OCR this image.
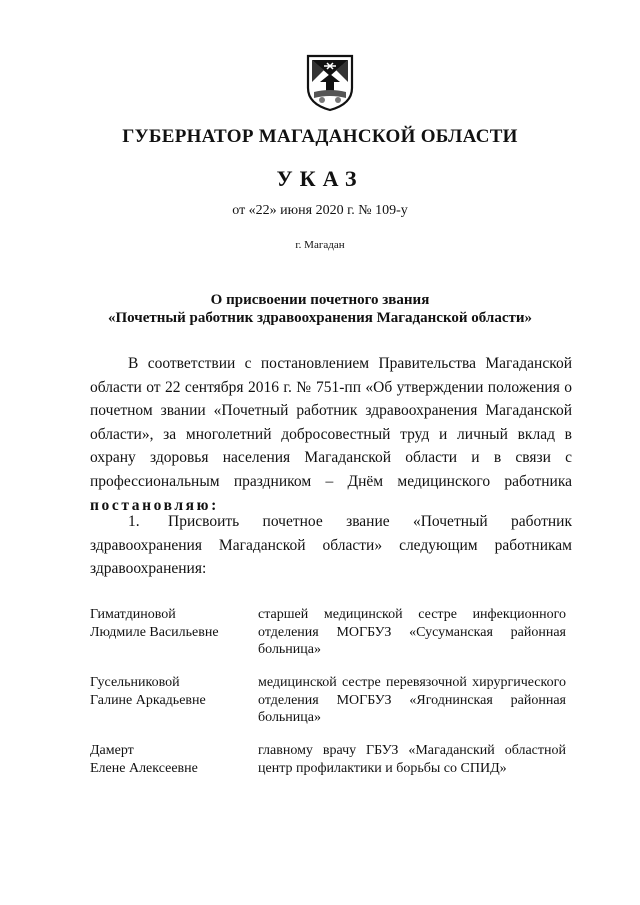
ГУБЕРНАТОР МАГАДАНСКОЙ ОБЛАСТИ
УКАЗ
от «22» июня 2020 г. № 109-у
г. Магадан
О присвоении почетного звания
«Почетный работник здравоохранения Магаданской области»
В соответствии с постановлением Правительства Магаданской области от 22 сентября 2016 г. № 751-пп «Об утверждении положения о почетном звании «Почетный работник здравоохранения Магаданской области», за многолетний добросовестный труд и личный вклад в охрану здоровья населения Магаданской области и в связи с профессиональным праздником – Днём медицинского работника постановляю:
1. Присвоить почетное звание «Почетный работник здравоохранения Магаданской области» следующим работникам здравоохранения:
Гиматдиновой
Людмиле Васильевне
старшей медицинской сестре инфекционного отделения МОГБУЗ «Сусуманская районная больница»
Гусельниковой
Галине Аркадьевне
медицинской сестре перевязочной хирургического отделения МОГБУЗ «Ягоднинская районная больница»
Дамерт
Елене Алексеевне
главному врачу ГБУЗ «Магаданский областной центр профилактики и борьбы со СПИД»
